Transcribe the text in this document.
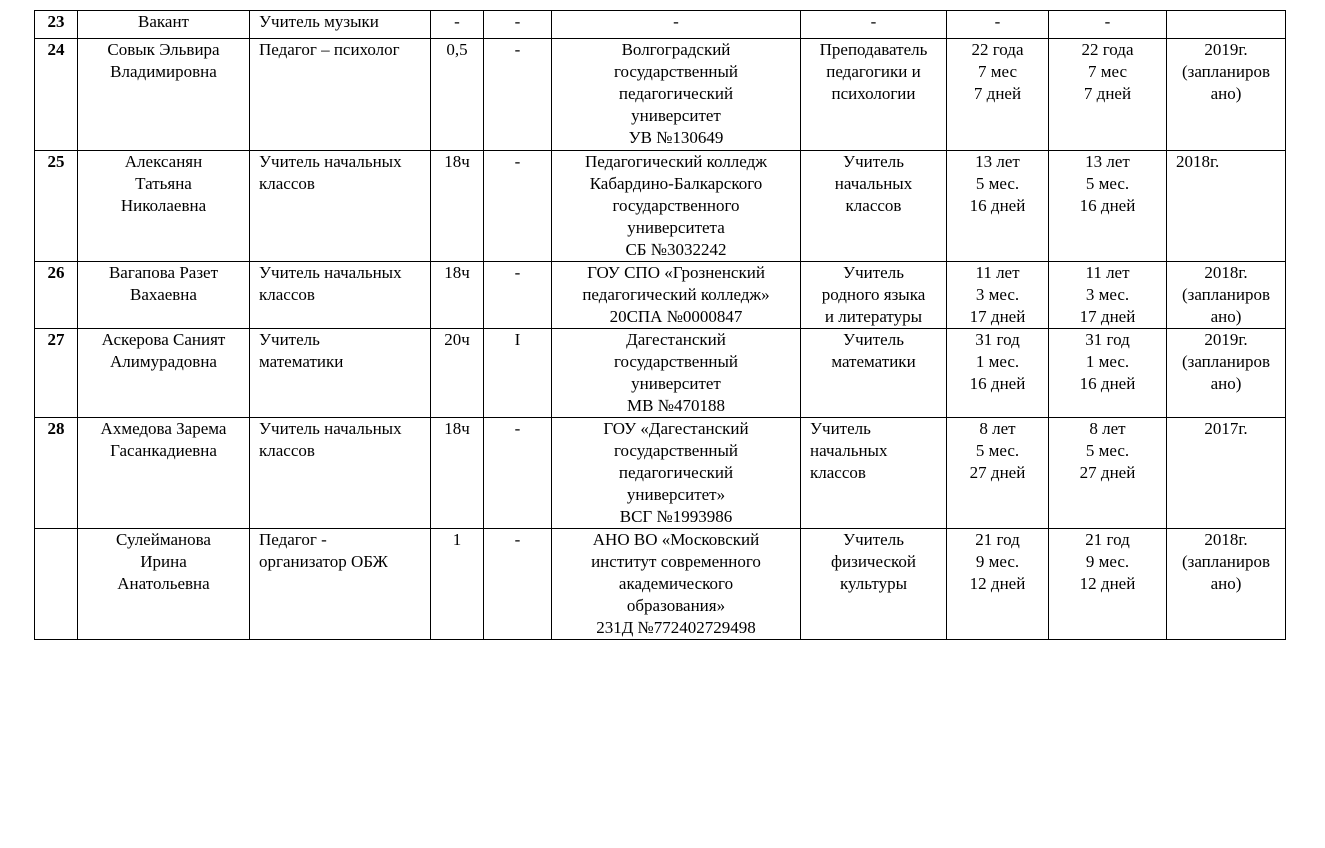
23	Вакант	Учитель музыки	-	-	-	-	-	-	
24	Совык Эльвира
Владимировна	Педагог – психолог	0,5	-	Волгоградский
государственный
педагогический
университет
УВ №130649	Преподаватель
педагогики и
психологии	22 года
7 мес
7 дней	22 года
7 мес
7 дней	2019г.
(запланиров
ано)
25	Алексанян
Татьяна
Николаевна	Учитель начальных
классов	18ч	-	Педагогический колледж
Кабардино-Балкарского
государственного
университета
СБ №3032242	Учитель
начальных
классов	13 лет
5 мес.
16 дней	13 лет
5 мес.
16 дней	2018г.
26	Вагапова Разет
Вахаевна	Учитель начальных
классов	18ч	-	ГОУ СПО «Грозненский
педагогический колледж»
20СПА №0000847	Учитель
родного языка
и литературы	11 лет
3 мес.
17 дней	11 лет
3 мес.
17 дней	2018г.
(запланиров
ано)
27	Аскерова Саният
Алимурадовна	Учитель
математики	20ч	I	Дагестанский
государственный
университет
МВ №470188	Учитель
математики	31 год
1 мес.
16 дней	31 год
1 мес.
16 дней	2019г.
(запланиров
ано)
28	Ахмедова Зарема
Гасанкадиевна	Учитель начальных
классов	18ч	-	ГОУ «Дагестанский
государственный
педагогический
университет»
ВСГ №1993986	Учитель
начальных
классов	8 лет
5 мес.
27 дней	8 лет
5 мес.
27 дней	2017г.
	Сулейманова
Ирина
Анатольевна	Педагог -
организатор ОБЖ	1	-	АНО ВО «Московский
институт современного
академического
образования»
231Д №772402729498	Учитель
физической
культуры	21 год
9 мес.
12 дней	21 год
9 мес.
12 дней	2018г.
(запланиров
ано)
